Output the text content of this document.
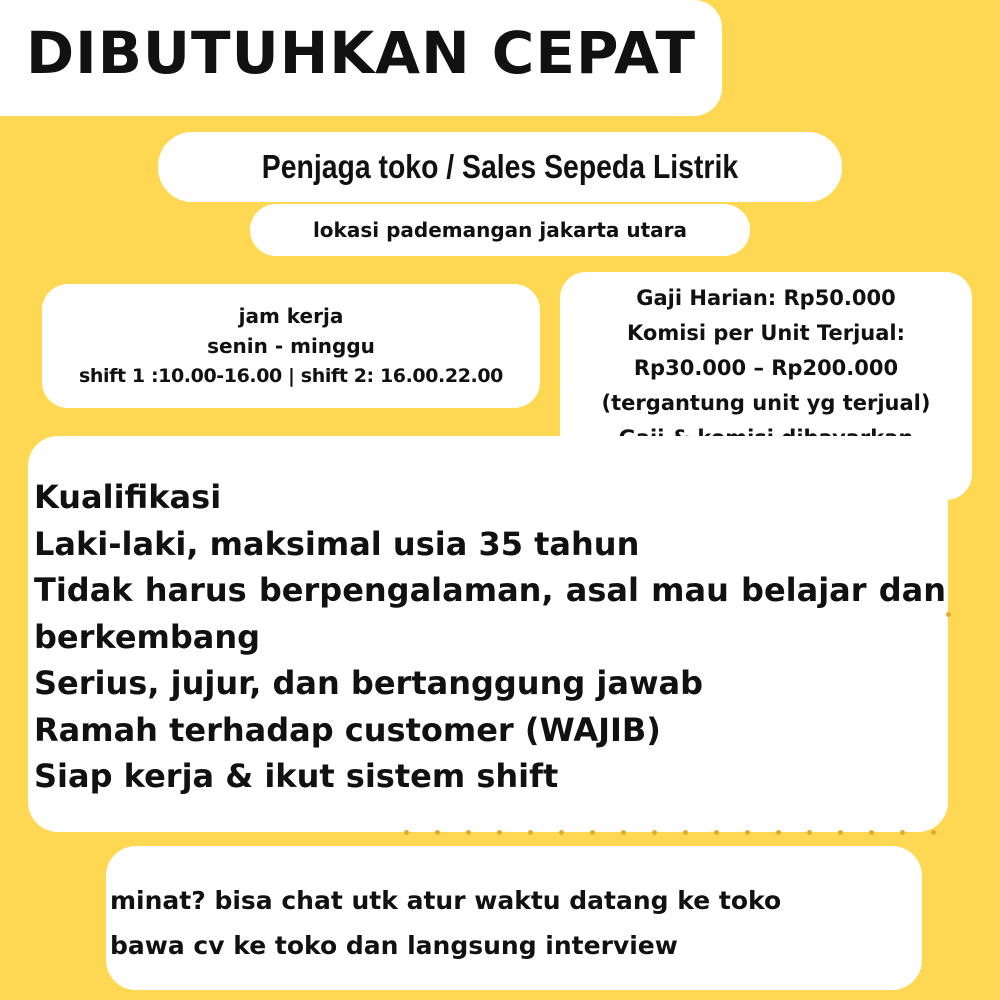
DIBUTUHKAN CEPAT
Penjaga toko / Sales Sepeda Listrik
lokasi pademangan jakarta utara
jam kerja
senin - minggu
shift 1 :10.00-16.00 | shift 2: 16.00.22.00
Gaji Harian: Rp50.000
Komisi per Unit Terjual:
Rp30.000 – Rp200.000
(tergantung unit yg terjual)
Kualifikasi
Laki-laki, maksimal usia 35 tahun
Tidak harus berpengalaman, asal mau belajar dan berkembang
Serius, jujur, dan bertanggung jawab
Ramah terhadap customer (WAJIB)
Siap kerja & ikut sistem shift
minat? bisa chat utk atur waktu datang ke toko
bawa cv ke toko dan langsung interview
